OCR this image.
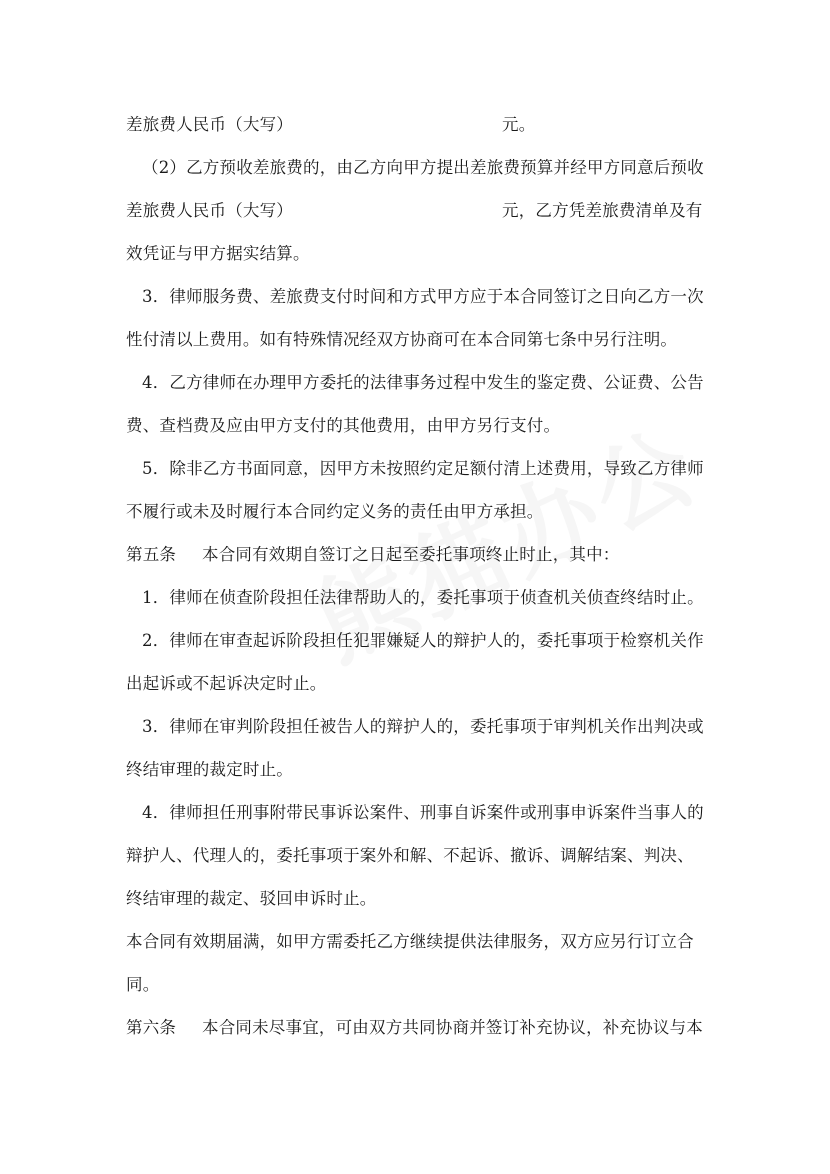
差旅费人民币（大写）	元。
（2）乙方预收差旅费的，由乙方向甲方提出差旅费预算并经甲方同意后预收
差旅费人民币（大写）	元，乙方凭差旅费清单及有
效凭证与甲方据实结算。
3．律师服务费、差旅费支付时间和方式甲方应于本合同签订之日向乙方一次
性付清以上费用。如有特殊情况经双方协商可在本合同第七条中另行注明。
4．乙方律师在办理甲方委托的法律事务过程中发生的鉴定费、公证费、公告
费、查档费及应由甲方支付的其他费用，由甲方另行支付。
5．除非乙方书面同意，因甲方未按照约定足额付清上述费用，导致乙方律师
不履行或未及时履行本合同约定义务的责任由甲方承担。
第五条 本合同有效期自签订之日起至委托事项终止时止，其中：
1．律师在侦查阶段担任法律帮助人的，委托事项于侦查机关侦查终结时止。
2．律师在审查起诉阶段担任犯罪嫌疑人的辩护人的，委托事项于检察机关作
出起诉或不起诉决定时止。
3．律师在审判阶段担任被告人的辩护人的，委托事项于审判机关作出判决或
终结审理的裁定时止。
4．律师担任刑事附带民事诉讼案件、刑事自诉案件或刑事申诉案件当事人的
辩护人、代理人的，委托事项于案外和解、不起诉、撤诉、调解结案、判决、
终结审理的裁定、驳回申诉时止。
本合同有效期届满，如甲方需委托乙方继续提供法律服务，双方应另行订立合
同。
第六条 本合同未尽事宜，可由双方共同协商并签订补充协议，补充协议与本
